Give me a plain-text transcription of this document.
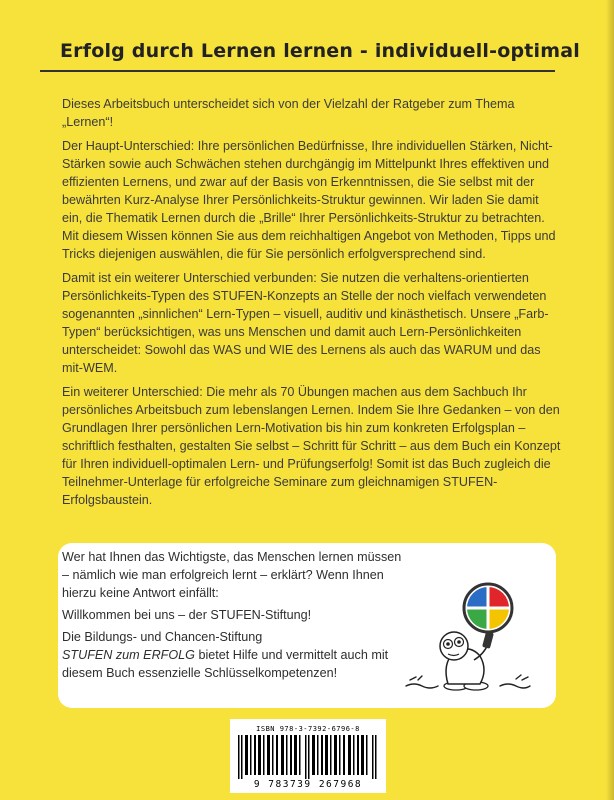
Erfolg durch Lernen lernen - individuell-optimal

Dieses Arbeitsbuch unterscheidet sich von der Vielzahl der Ratgeber zum Thema „Lernen“!

Der Haupt-Unterschied: Ihre persönlichen Bedürfnisse, Ihre individuellen Stärken, Nicht-Stärken sowie auch Schwächen stehen durchgängig im Mittelpunkt Ihres effektiven und effizienten Lernens, und zwar auf der Basis von Erkenntnissen, die Sie selbst mit der bewährten Kurz-Analyse Ihrer Persönlichkeits-Struktur gewinnen. Wir laden Sie damit ein, die Thematik Lernen durch die „Brille“ Ihrer Persönlichkeits-Struktur zu betrachten. Mit diesem Wissen können Sie aus dem reichhaltigen Angebot von Methoden, Tipps und Tricks diejenigen auswählen, die für Sie persönlich erfolgversprechend sind.

Damit ist ein weiterer Unterschied verbunden: Sie nutzen die verhaltens-orientierten Persönlichkeits-Typen des STUFEN-Konzepts an Stelle der noch vielfach verwendeten sogenannten „sinnlichen“ Lern-Typen – visuell, auditiv und kinästhetisch. Unsere „Farb-Typen“ berücksichtigen, was uns Menschen und damit auch Lern-Persönlichkeiten unterscheidet: Sowohl das WAS und WIE des Lernens als auch das WARUM und das mit-WEM.

Ein weiterer Unterschied: Die mehr als 70 Übungen machen aus dem Sachbuch Ihr persönliches Arbeitsbuch zum lebenslangen Lernen. Indem Sie Ihre Gedanken – von den Grundlagen Ihrer persönlichen Lern-Motivation bis hin zum konkreten Erfolgsplan – schriftlich festhalten, gestalten Sie selbst – Schritt für Schritt – aus dem Buch ein Konzept für Ihren individuell-optimalen Lern- und Prüfungserfolg! Somit ist das Buch zugleich die Teilnehmer-Unterlage für erfolgreiche Seminare zum gleichnamigen STUFEN-Erfolgsbaustein.

Wer hat Ihnen das Wichtigste, das Menschen lernen müssen – nämlich wie man erfolgreich lernt – erklärt? Wenn Ihnen hierzu keine Antwort einfällt:

Willkommen bei uns – der STUFEN-Stiftung!

Die Bildungs- und Chancen-Stiftung
STUFEN zum ERFOLG bietet Hilfe und vermittelt auch mit diesem Buch essenzielle Schlüsselkompetenzen!

ISBN 978-3-7392-6796-8
9 783739 267968
